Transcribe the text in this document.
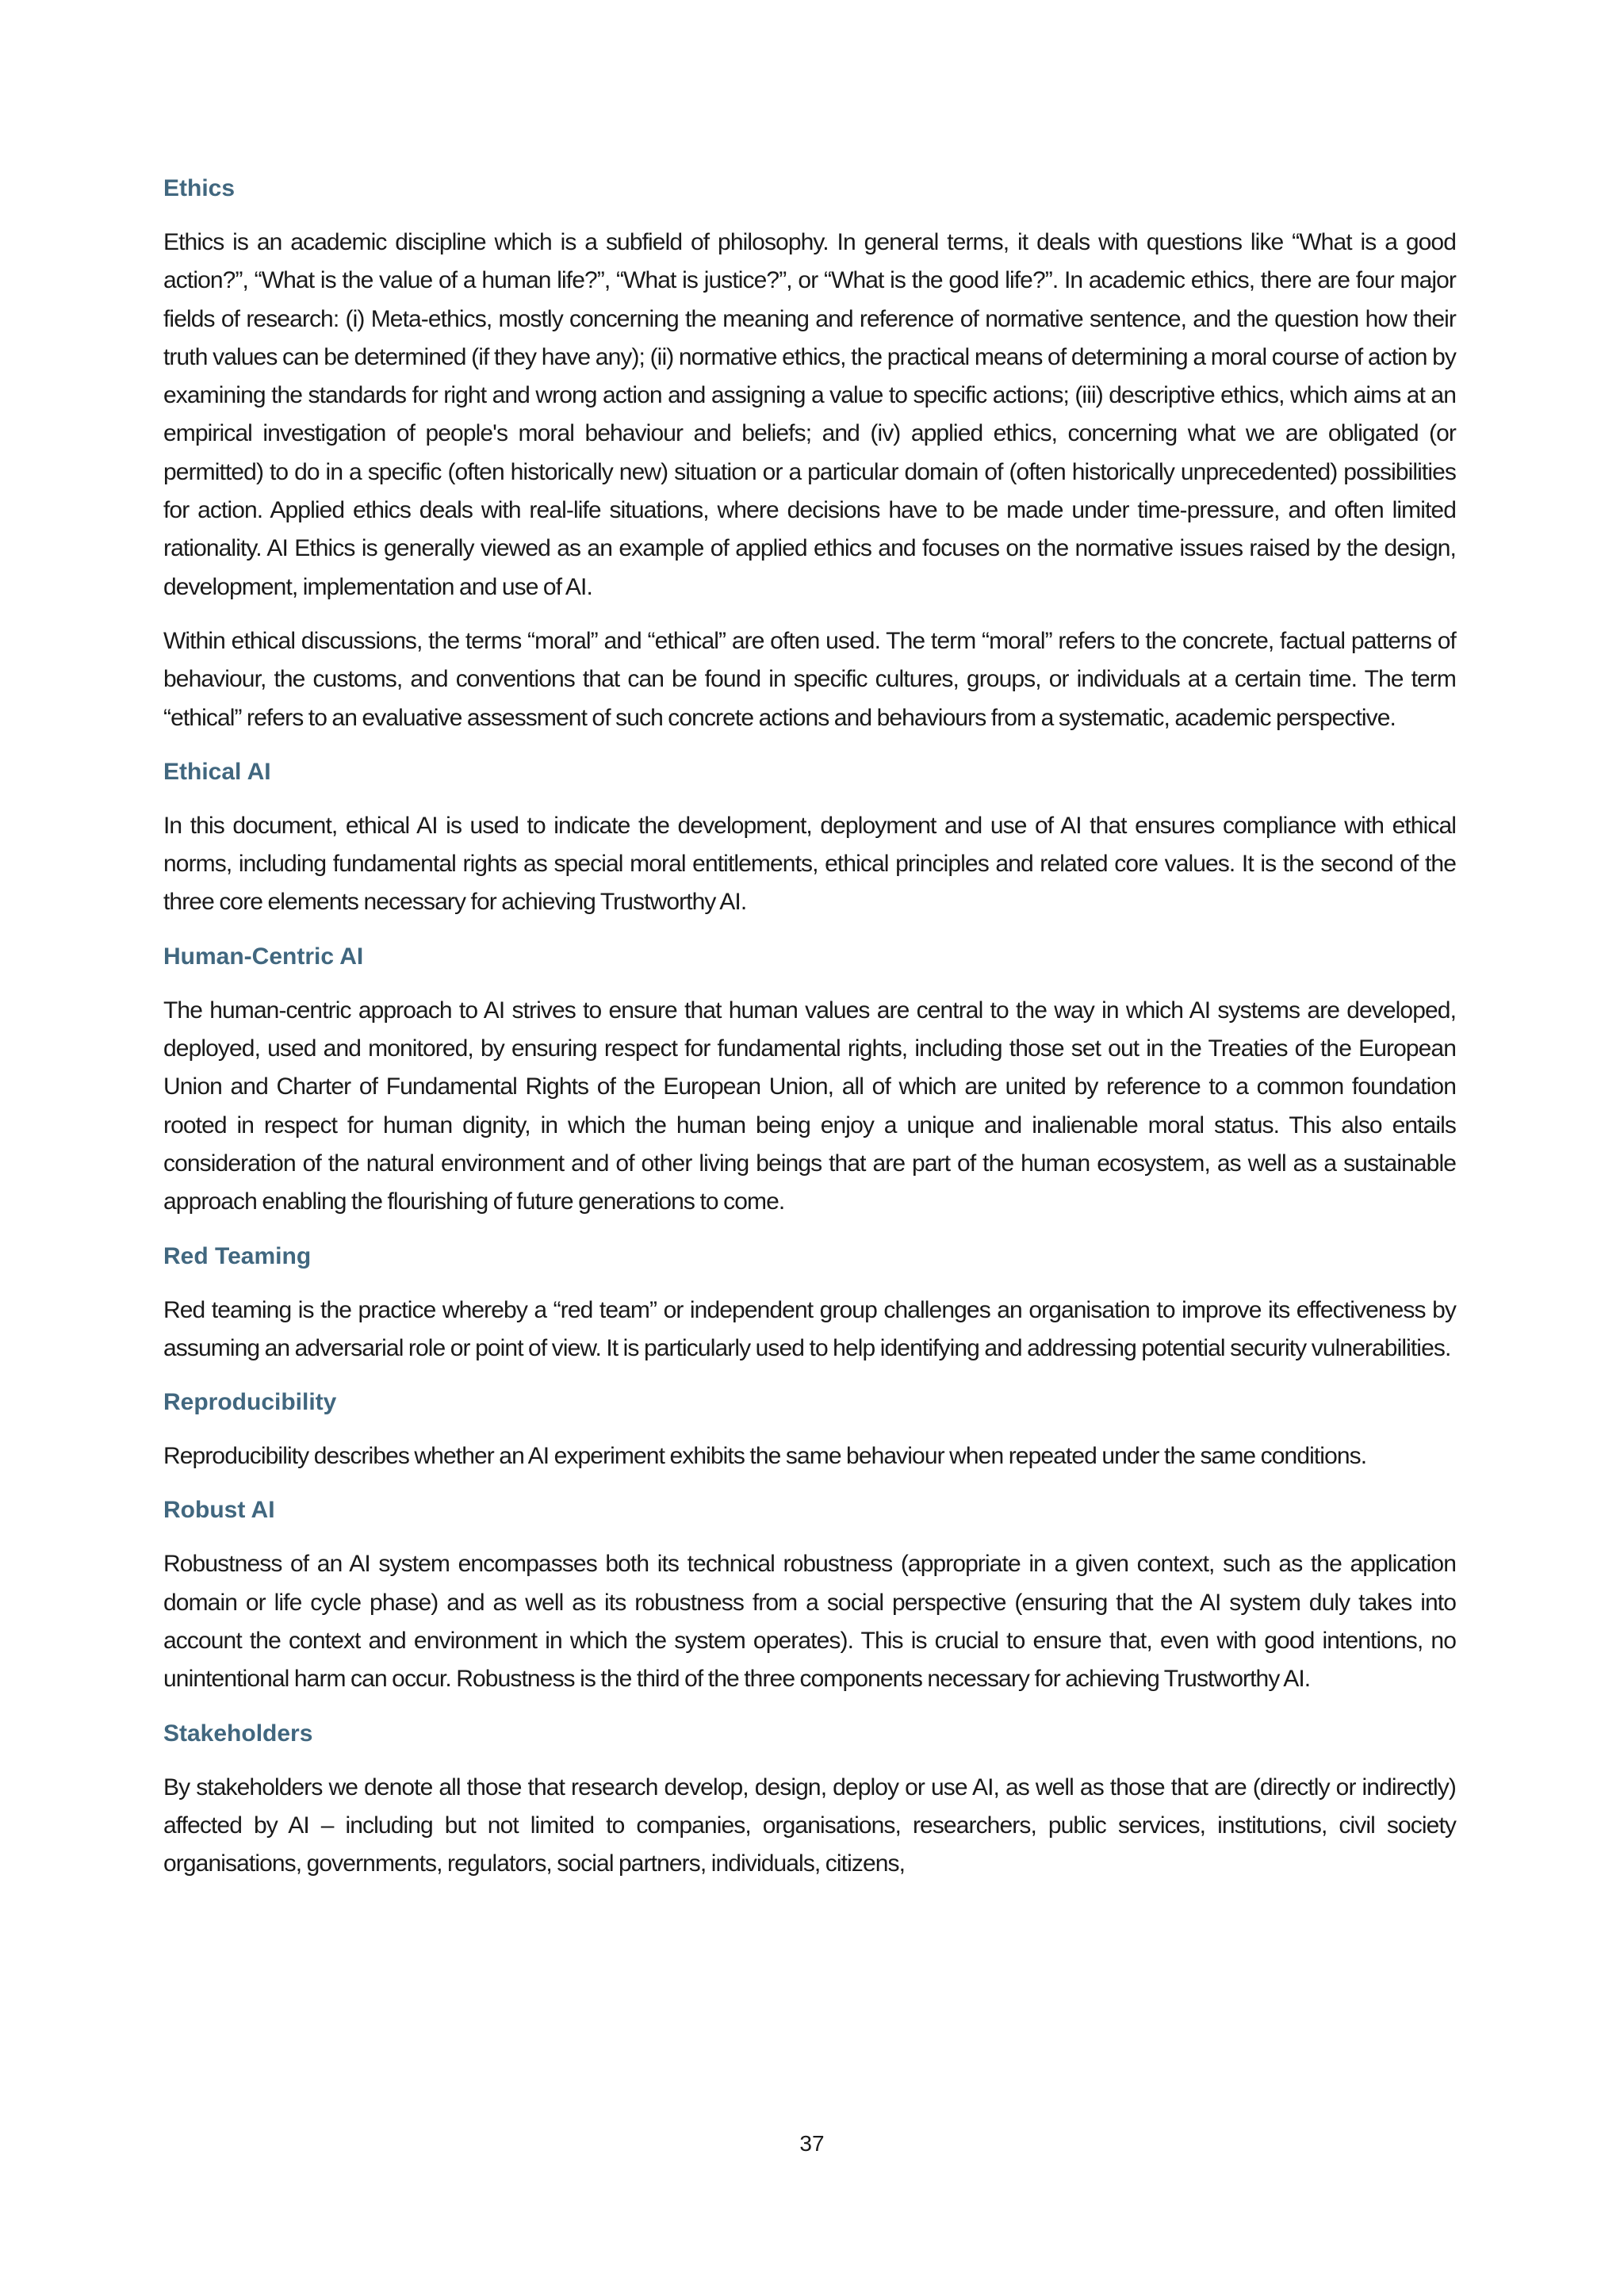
Ethics

Ethics is an academic discipline which is a subfield of philosophy. In general terms, it deals with questions like “What is a good action?”, “What is the value of a human life?”, “What is justice?”, or “What is the good life?”. In academic ethics, there are four major fields of research: (i) Meta-ethics, mostly concerning the meaning and reference of normative sentence, and the question how their truth values can be determined (if they have any); (ii) normative ethics, the practical means of determining a moral course of action by examining the standards for right and wrong action and assigning a value to specific actions; (iii) descriptive ethics, which aims at an empirical investigation of people's moral behaviour and beliefs; and (iv) applied ethics, concerning what we are obligated (or permitted) to do in a specific (often historically new) situation or a particular domain of (often historically unprecedented) possibilities for action. Applied ethics deals with real-life situations, where decisions have to be made under time-pressure, and often limited rationality. AI Ethics is generally viewed as an example of applied ethics and focuses on the normative issues raised by the design, development, implementation and use of AI.

Within ethical discussions, the terms “moral” and “ethical” are often used. The term “moral” refers to the concrete, factual patterns of behaviour, the customs, and conventions that can be found in specific cultures, groups, or individuals at a certain time. The term “ethical” refers to an evaluative assessment of such concrete actions and behaviours from a systematic, academic perspective.

Ethical AI

In this document, ethical AI is used to indicate the development, deployment and use of AI that ensures compliance with ethical norms, including fundamental rights as special moral entitlements, ethical principles and related core values. It is the second of the three core elements necessary for achieving Trustworthy AI.

Human-Centric AI

The human-centric approach to AI strives to ensure that human values are central to the way in which AI systems are developed, deployed, used and monitored, by ensuring respect for fundamental rights, including those set out in the Treaties of the European Union and Charter of Fundamental Rights of the European Union, all of which are united by reference to a common foundation rooted in respect for human dignity, in which the human being enjoy a unique and inalienable moral status. This also entails consideration of the natural environment and of other living beings that are part of the human ecosystem, as well as a sustainable approach enabling the flourishing of future generations to come.

Red Teaming

Red teaming is the practice whereby a “red team” or independent group challenges an organisation to improve its effectiveness by assuming an adversarial role or point of view. It is particularly used to help identifying and addressing potential security vulnerabilities.

Reproducibility

Reproducibility describes whether an AI experiment exhibits the same behaviour when repeated under the same conditions.

Robust AI

Robustness of an AI system encompasses both its technical robustness (appropriate in a given context, such as the application domain or life cycle phase) and as well as its robustness from a social perspective (ensuring that the AI system duly takes into account the context and environment in which the system operates). This is crucial to ensure that, even with good intentions, no unintentional harm can occur. Robustness is the third of the three components necessary for achieving Trustworthy AI.

Stakeholders

By stakeholders we denote all those that research develop, design, deploy or use AI, as well as those that are (directly or indirectly) affected by AI – including but not limited to companies, organisations, researchers, public services, institutions, civil society organisations, governments, regulators, social partners, individuals, citizens,

37
